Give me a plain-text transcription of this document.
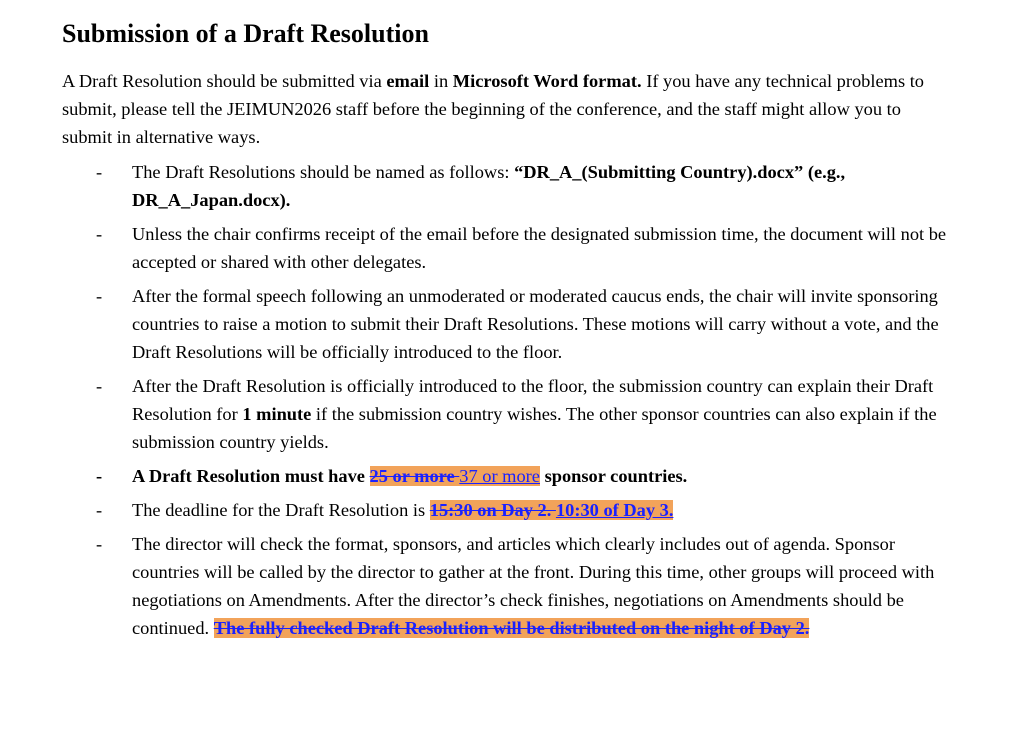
Submission of a Draft Resolution

A Draft Resolution should be submitted via email in Microsoft Word format. If you have any technical problems to submit, please tell the JEIMUN2026 staff before the beginning of the conference, and the staff might allow you to submit in alternative ways.

- The Draft Resolutions should be named as follows: “DR_A_(Submitting Country).docx” (e.g., DR_A_Japan.docx).
- Unless the chair confirms receipt of the email before the designated submission time, the document will not be accepted or shared with other delegates.
- After the formal speech following an unmoderated or moderated caucus ends, the chair will invite sponsoring countries to raise a motion to submit their Draft Resolutions. These motions will carry without a vote, and the Draft Resolutions will be officially introduced to the floor.
- After the Draft Resolution is officially introduced to the floor, the submission country can explain their Draft Resolution for 1 minute if the submission country wishes. The other sponsor countries can also explain if the submission country yields.
- A Draft Resolution must have 25 or more 37 or more sponsor countries.
- The deadline for the Draft Resolution is 15:30 on Day 2. 10:30 of Day 3.
- The director will check the format, sponsors, and articles which clearly includes out of agenda. Sponsor countries will be called by the director to gather at the front. During this time, other groups will proceed with negotiations on Amendments. After the director’s check finishes, negotiations on Amendments should be continued. The fully checked Draft Resolution will be distributed on the night of Day 2.
